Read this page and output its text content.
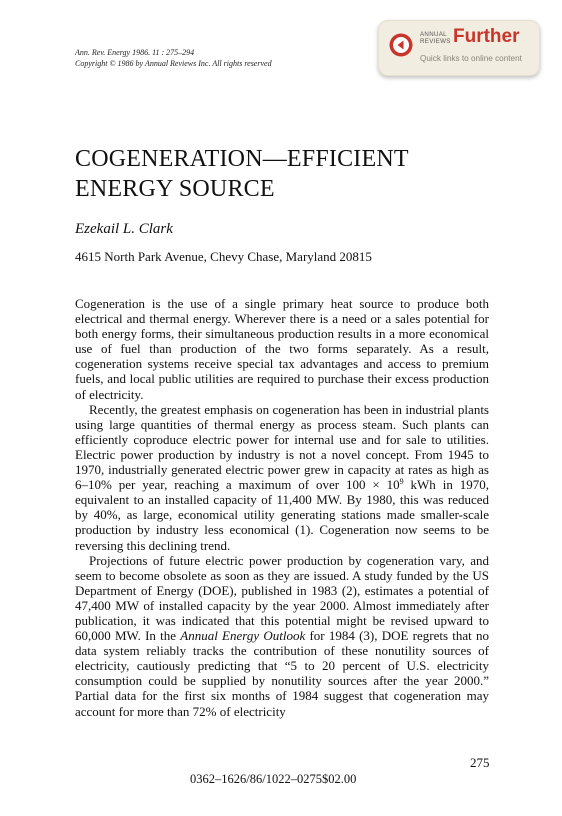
Ann. Rev. Energy 1986. 11 : 275–294
Copyright © 1986 by Annual Reviews Inc. All rights reserved
ANNUAL
REVIEWS Further
Quick links to online content
COGENERATION—EFFICIENT
ENERGY SOURCE
Ezekail L. Clark
4615 North Park Avenue, Chevy Chase, Maryland 20815

Cogeneration is the use of a single primary heat source to produce both electrical and thermal energy. Wherever there is a need or a sales potential for both energy forms, their simultaneous production results in a more economical use of fuel than production of the two forms separately. As a result, cogeneration systems receive special tax advantages and access to premium fuels, and local public utilities are required to purchase their excess production of electricity.

Recently, the greatest emphasis on cogeneration has been in industrial plants using large quantities of thermal energy as process steam. Such plants can efficiently coproduce electric power for internal use and for sale to utilities. Electric power production by industry is not a novel concept. From 1945 to 1970, industrially generated electric power grew in capacity at rates as high as 6–10% per year, reaching a maximum of over $100 \times 10^9$ kWh in 1970, equivalent to an installed capacity of 11,400 MW. By 1980, this was reduced by 40%, as large, economical utility generating stations made smaller-scale production by industry less economical (1). Cogeneration now seems to be reversing this declining trend.

Projections of future electric power production by cogeneration vary, and seem to become obsolete as soon as they are issued. A study funded by the US Department of Energy (DOE), published in 1983 (2), estimates a potential of 47,400 MW of installed capacity by the year 2000. Almost immediately after publication, it was indicated that this potential might be revised upward to 60,000 MW. In the Annual Energy Outlook for 1984 (3), DOE regrets that no data system reliably tracks the contribution of these nonutility sources of electricity, cautiously predicting that “5 to 20 percent of U.S. electricity consumption could be supplied by nonutility sources after the year 2000.” Partial data for the first six months of 1984 suggest that cogeneration may account for more than 72% of electricity

275
0362–1626/86/1022–0275$02.00
